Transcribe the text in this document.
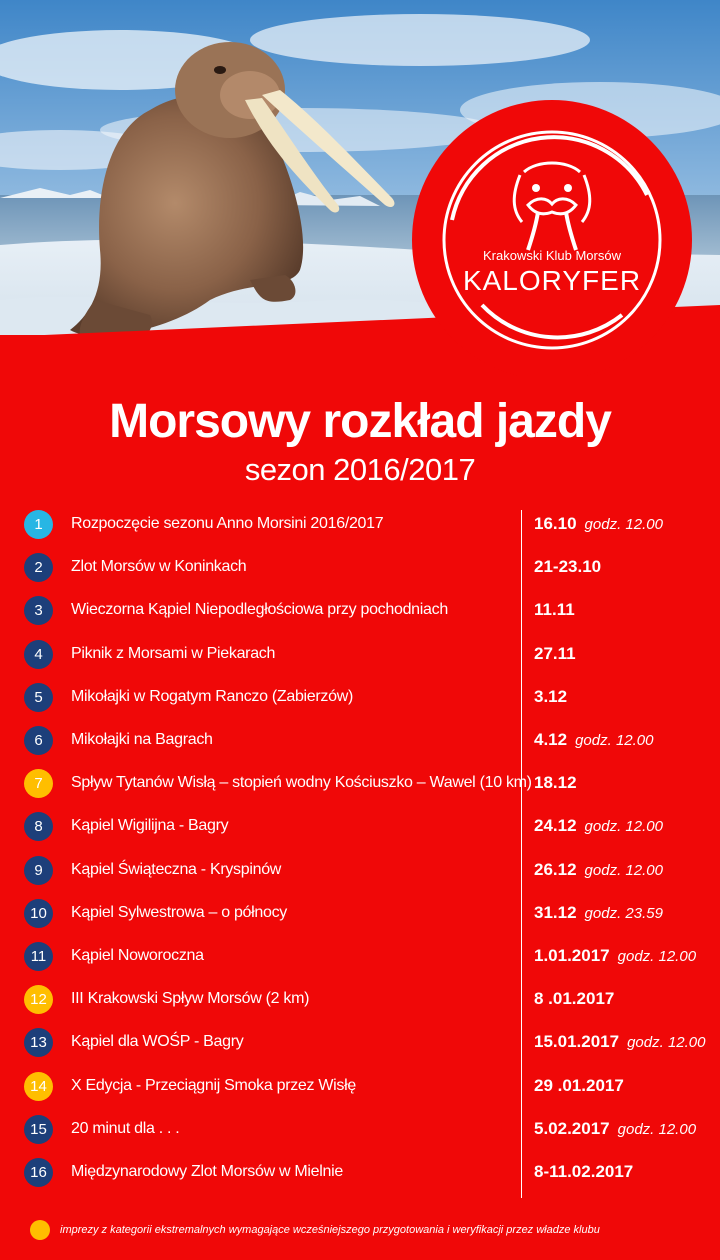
Krakowski Klub Morsów
KALORYFER
Morsowy rozkład jazdy
sezon 2016/2017
1	Rozpoczęcie sezonu Anno Morsini 2016/2017	16.10 godz. 12.00
2	Zlot Morsów w Koninkach	21-23.10
3	Wieczorna Kąpiel Niepodległościowa przy pochodniach	11.11
4	Piknik z Morsami w Piekarach	27.11
5	Mikołajki w Rogatym Ranczo (Zabierzów)	3.12
6	Mikołajki na Bagrach	4.12 godz. 12.00
7	Spływ Tytanów Wisłą – stopień wodny Kościuszko – Wawel (10 km) 18.12
8	Kąpiel Wigilijna - Bagry	24.12 godz. 12.00
9	Kąpiel Świąteczna - Kryspinów	26.12 godz. 12.00
10	Kąpiel Sylwestrowa – o północy	31.12 godz. 23.59
11	Kąpiel Noworoczna	1.01.2017 godz. 12.00
12	III Krakowski Spływ Morsów (2 km)	8 .01.2017
13	Kąpiel dla WOŚP - Bagry	15.01.2017 godz. 12.00
14	X Edycja - Przeciągnij Smoka przez Wisłę	29 .01.2017
15	20 minut dla . . .	5.02.2017 godz. 12.00
16	Międzynarodowy Zlot Morsów w Mielnie	8-11.02.2017
imprezy z kategorii ekstremalnych wymagające wcześniejszego przygotowania i weryfikacji przez władze klubu
